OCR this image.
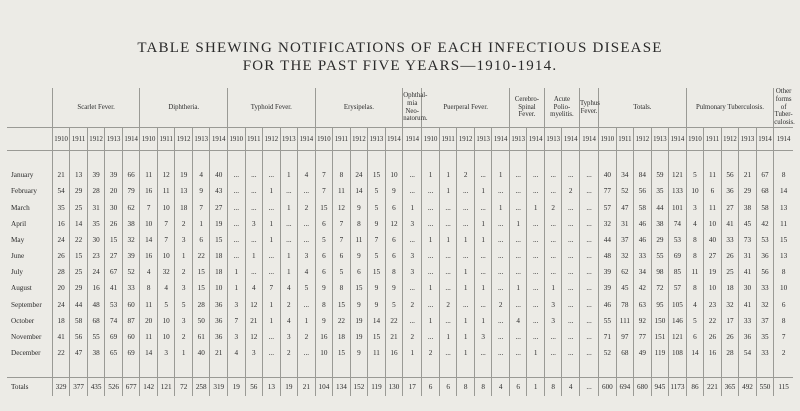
TABLE SHEWING NOTIFICATIONS OF EACH INFECTIOUS DISEASE
FOR THE PAST FIVE YEARS—1910-1914.
	Scarlet Fever.					Diphtheria.					Typhoid Fever.					Erysipelas.					Ophthal-mia Neo-natorum.	Puerperal Fever.					Cerebro-Spinal Fever.		Acute Polio-myelitis.		Typhus Fever.	Totals.					Pulmonary Tuberculosis.					Other forms of Tuber-culosis.
	1910	1911	1912	1913	1914	1910	1911	1912	1913	1914	1910	1911	1912	1913	1914	1910	1911	1912	1913	1914	1914	1910	1911	1912	1913	1914	1913	1914	1913	1914	1914	1910	1911	1912	1913	1914	1910	1911	1912	1913	1914	1914

January	21	13	39	39	66	11	12	19	4	40	...	...	...	1	4	7	8	24	15	10	...	1	1	2	...	1	...	...	...	...	...	40	34	84	59	121	5	11	56	21	67	8
February	54	29	28	20	79	16	11	13	9	43	...	...	1	...	...	7	11	14	5	9	...	...	1	...	1	...	...	...	...	2	...	77	52	56	35	133	10	6	36	29	68	14
March	35	25	31	30	62	7	10	18	7	27	...	...	...	1	2	15	12	9	5	6	1	...	...	...	...	1	...	1	2	...	...	57	47	58	44	101	3	11	27	38	58	13
April	16	14	35	26	38	10	7	2	1	19	...	3	1	...	...	6	7	8	9	12	3	...	...	...	1	...	1	...	...	...	...	32	31	46	38	74	4	10	41	45	42	11
May	24	22	30	15	32	14	7	3	6	15	...	...	1	...	...	5	7	11	7	6	...	1	1	1	1	...	...	...	...	...	...	44	37	46	29	53	8	40	33	73	53	15
June	26	15	23	27	39	16	10	1	22	18	...	1	...	1	3	6	6	9	5	6	3	...	...	...	...	...	...	...	...	...	...	48	32	33	55	69	8	27	26	31	36	13
July	28	25	24	67	52	4	32	2	15	18	1	...	...	1	4	6	5	6	15	8	3	...	...	1	...	...	...	...	...	...	...	39	62	34	98	85	11	19	25	41	56	8
August	20	29	16	41	33	8	4	3	15	10	1	4	7	4	5	9	8	15	9	9	...	1	...	1	1	...	1	...	1	...	...	39	45	42	72	57	8	10	18	30	33	10
September	24	44	48	53	60	11	5	5	28	36	3	12	1	2	...	8	15	9	9	5	2	...	2	...	...	2	...	...	3	...	...	46	78	63	95	105	4	23	32	41	32	6
October	18	58	68	74	87	20	10	3	50	36	7	21	1	4	1	9	22	19	14	22	...	1	...	1	1	...	4	...	3	...	...	55	111	92	150	146	5	22	17	33	37	8
November	41	56	55	69	60	11	10	2	61	36	3	12	...	3	2	16	18	19	15	21	2	...	1	1	3	...	...	...	...	...	...	71	97	77	151	121	6	26	26	36	35	7
December	22	47	38	65	69	14	3	1	40	21	4	3	...	2	...	10	15	9	11	16	1	2	...	1	...	...	...	1	...	...	...	52	68	49	119	108	14	16	28	54	33	2

Totals	329	377	435	526	677	142	121	72	258	319	19	56	13	19	21	104	134	152	119	130	17	6	6	8	8	4	6	1	8	4	...	600	694	680	945	1173	86	221	365	492	550	115
